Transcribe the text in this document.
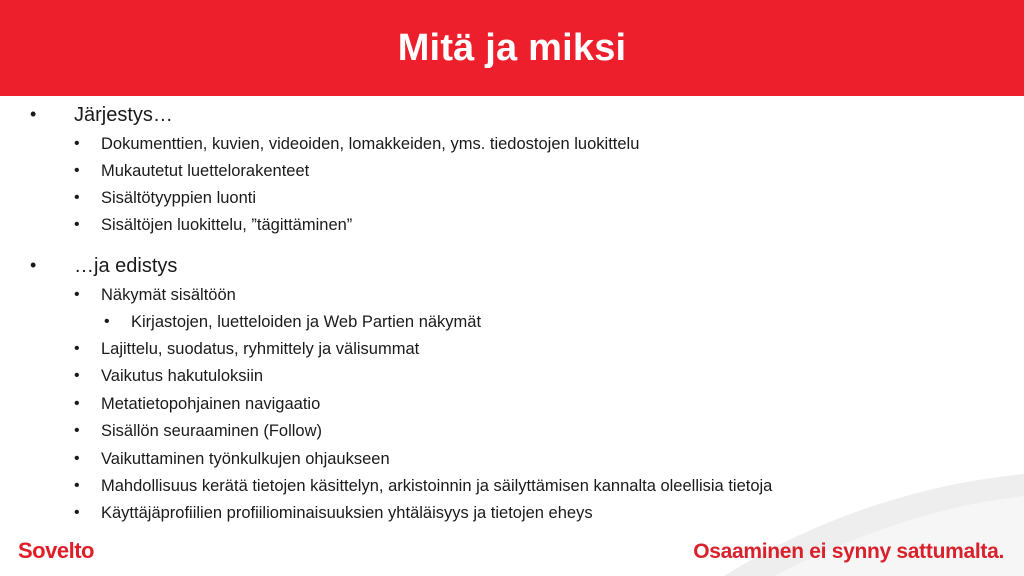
Mitä ja miksi
• Järjestys…
• Dokumenttien, kuvien, videoiden, lomakkeiden, yms. tiedostojen luokittelu
• Mukautetut luettelorakenteet
• Sisältötyyppien luonti
• Sisältöjen luokittelu, ”tägittäminen”
• …ja edistys
• Näkymät sisältöön
• Kirjastojen, luetteloiden ja Web Partien näkymät
• Lajittelu, suodatus, ryhmittely ja välisummat
• Vaikutus hakutuloksiin
• Metatietopohjainen navigaatio
• Sisällön seuraaminen (Follow)
• Vaikuttaminen työnkulkujen ohjaukseen
• Mahdollisuus kerätä tietojen käsittelyn, arkistoinnin ja säilyttämisen kannalta oleellisia tietoja
• Käyttäjäprofiilien profiiliominaisuuksien yhtäläisyys ja tietojen eheys
Sovelto	Osaaminen ei synny sattumalta.
